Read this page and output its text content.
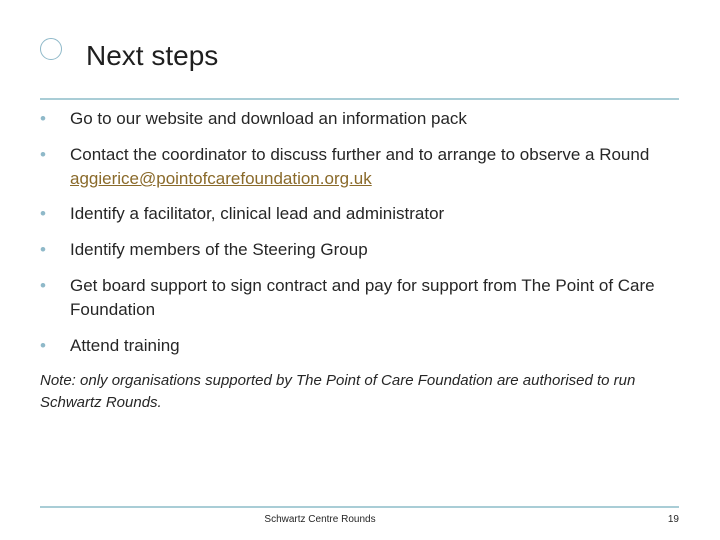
Next steps
•	Go to our website and download an information pack
•	Contact the coordinator to discuss further and to arrange to observe a Round aggierice@pointofcarefoundation.org.uk
•	Identify a facilitator, clinical lead and administrator
•	Identify members of the Steering Group
•	Get board support to sign contract and pay for support from The Point of Care Foundation
•	Attend training
Note: only organisations supported by The Point of Care Foundation are authorised to run Schwartz Rounds.
Schwartz Centre Rounds	19
